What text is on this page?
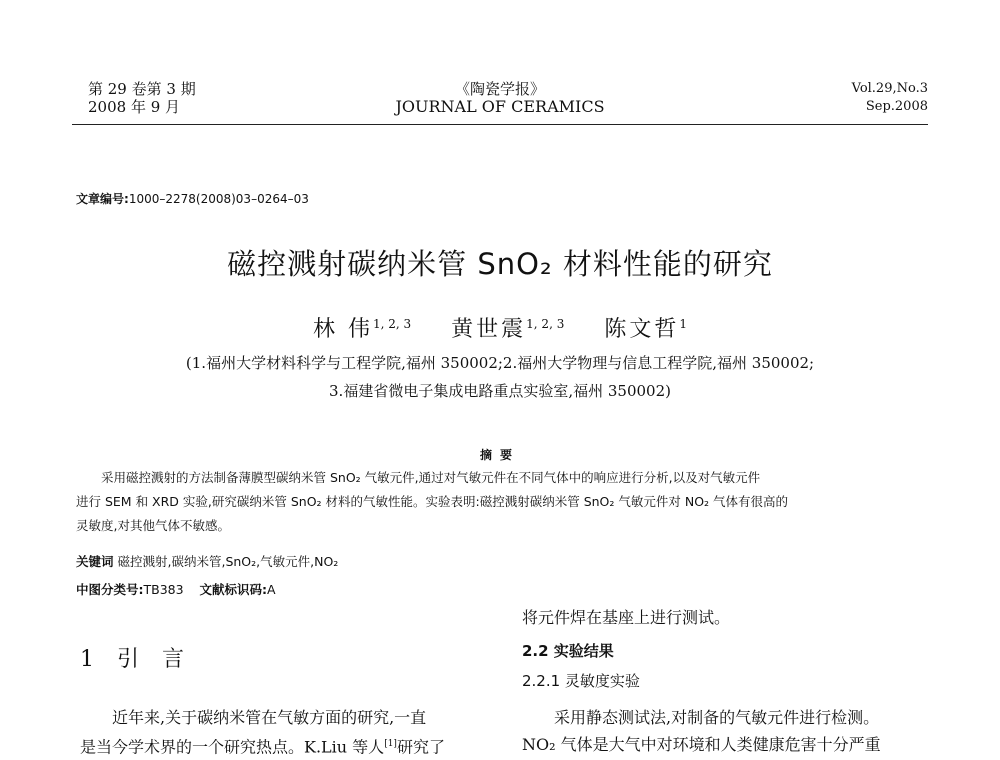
第 29 卷第 3 期
2008 年 9 月
《陶瓷学报》
JOURNAL OF CERAMICS
Vol.29,No.3
Sep.2008
文章编号:1000–2278(2008)03–0264–03
磁控溅射碳纳米管 SnO₂ 材料性能的研究
林 伟$^{1, 2, 3}$ 黄世震$^{1, 2, 3}$ 陈文哲$^1$
(1.福州大学材料科学与工程学院,福州 350002;2.福州大学物理与信息工程学院,福州 350002;
3.福建省微电子集成电路重点实验室,福州 350002)
摘要
采用磁控溅射的方法制备薄膜型碳纳米管 SnO₂ 气敏元件,通过对气敏元件在不同气体中的响应进行分析,以及对气敏元件
进行 SEM 和 XRD 实验,研究碳纳米管 SnO₂ 材料的气敏性能。实验表明:磁控溅射碳纳米管 SnO₂ 气敏元件对 NO₂ 气体有很高的
灵敏度,对其他气体不敏感。
关键词 磁控溅射,碳纳米管,SnO₂,气敏元件,NO₂
中图分类号:TB383 文献标识码:A
1 引 言
近年来,关于碳纳米管在气敏方面的研究,一直
是当今学术界的一个研究热点。K.Liu 等人[1]研究了
将元件焊在基座上进行测试。
2.2 实验结果
2.2.1 灵敏度实验
采用静态测试法,对制备的气敏元件进行检测。
NO₂ 气体是大气中对环境和人类健康危害十分严重
